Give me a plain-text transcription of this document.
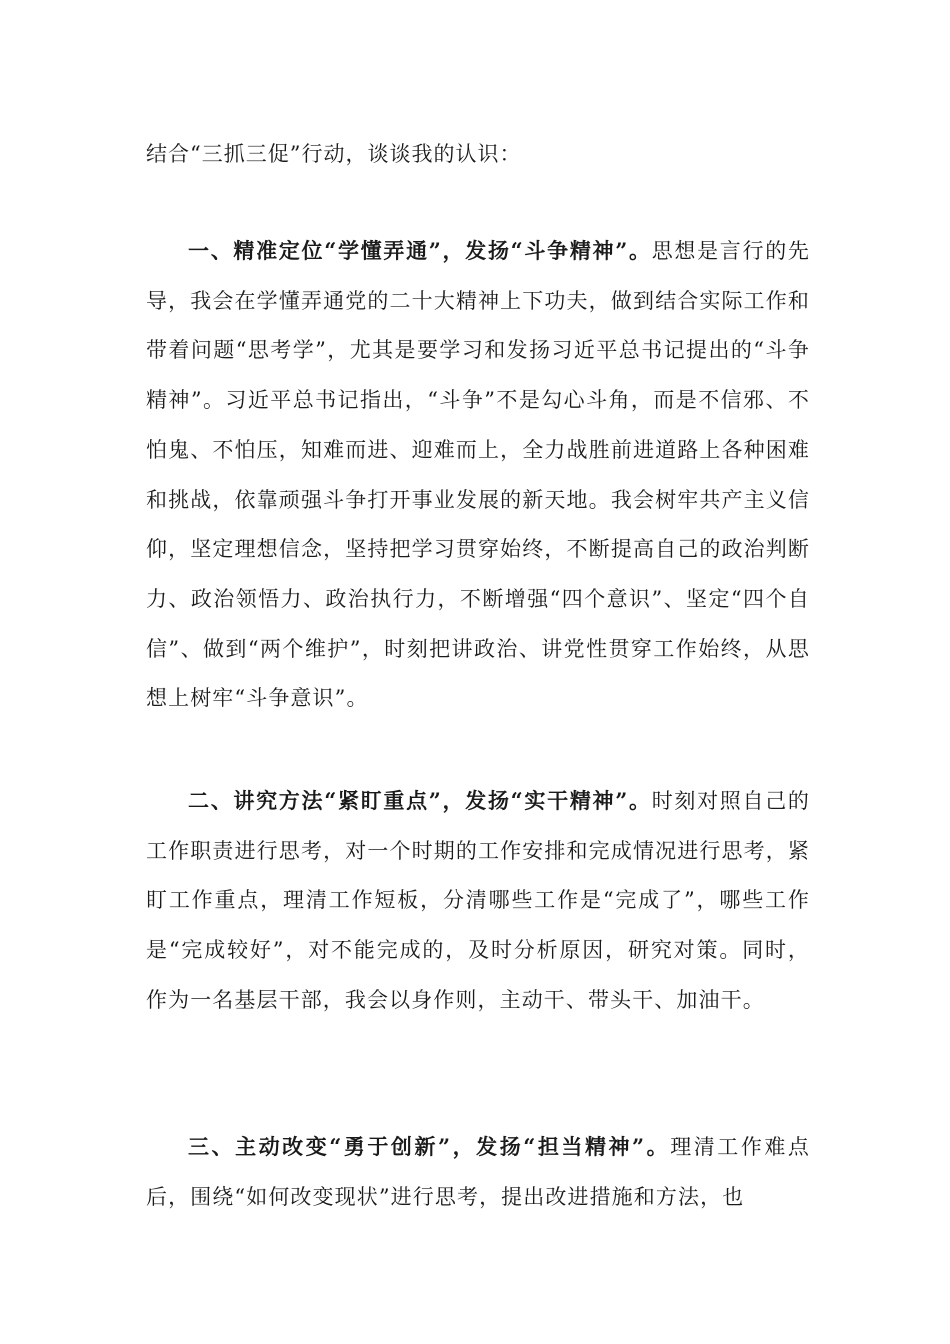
结合“三抓三促”行动，谈谈我的认识：

一、精准定位“学懂弄通”，发扬“斗争精神”。思想是言行的先导，我会在学懂弄通党的二十大精神上下功夫，做到结合实际工作和带着问题“思考学”，尤其是要学习和发扬习近平总书记提出的“斗争精神”。习近平总书记指出，“斗争”不是勾心斗角，而是不信邪、不怕鬼、不怕压，知难而进、迎难而上，全力战胜前进道路上各种困难和挑战，依靠顽强斗争打开事业发展的新天地。我会树牢共产主义信仰，坚定理想信念，坚持把学习贯穿始终，不断提高自己的政治判断力、政治领悟力、政治执行力，不断增强“四个意识”、坚定“四个自信”、做到“两个维护”，时刻把讲政治、讲党性贯穿工作始终，从思想上树牢“斗争意识”。

二、讲究方法“紧盯重点”，发扬“实干精神”。时刻对照自己的工作职责进行思考，对一个时期的工作安排和完成情况进行思考，紧盯工作重点，理清工作短板，分清哪些工作是“完成了”，哪些工作是“完成较好”，对不能完成的，及时分析原因，研究对策。同时，作为一名基层干部，我会以身作则，主动干、带头干、加油干。

三、主动改变“勇于创新”，发扬“担当精神”。理清工作难点后，围绕“如何改变现状”进行思考，提出改进措施和方法，也
